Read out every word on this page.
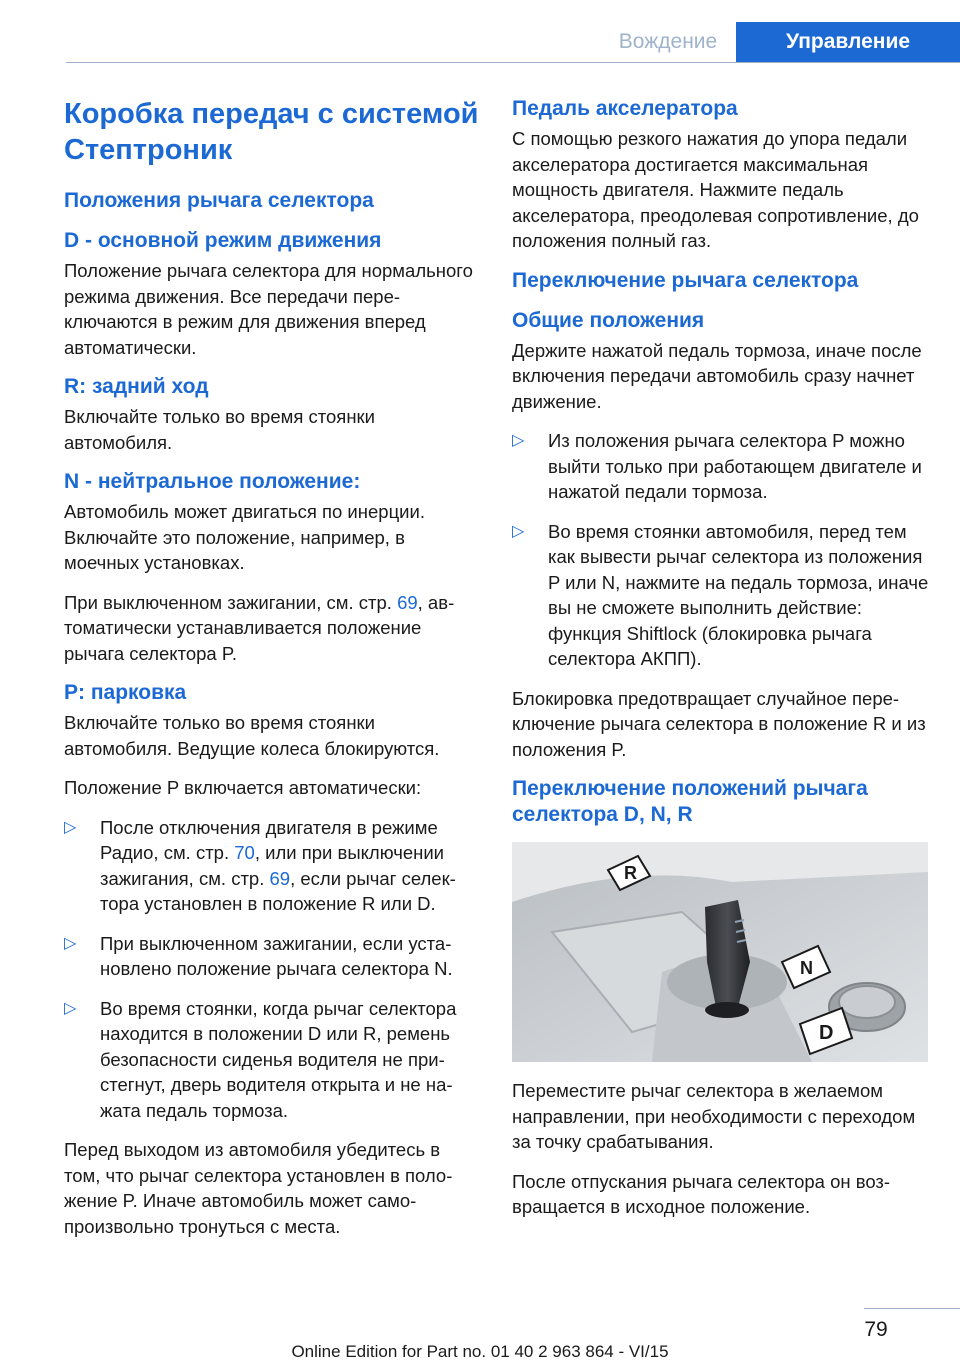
Вождение	Управление
Коробка передач с системой Стептроник
Положения рычага селектора
D - основной режим движения

Положение рычага селектора для нормального режима движения. Все передачи переключаются в режим для движения вперед автоматически.

R: задний ход

Включайте только во время стоянки автомобиля.

N - нейтральное положение:

Автомобиль может двигаться по инерции. Включайте это положение, например, в моечных установках.

При выключенном зажигании, см. стр. 69, автоматически устанавливается положение рычага селектора P.

P: парковка

Включайте только во время стоянки автомобиля. Ведущие колеса блокируются.

Положение P включается автоматически:

▷ После отключения двигателя в режиме Радио, см. стр. 70, или при выключении зажигания, см. стр. 69, если рычаг селектора установлен в положение R или D.
▷ При выключенном зажигании, если установлено положение рычага селектора N.
▷ Во время стоянки, когда рычаг селектора находится в положении D или R, ремень безопасности сиденья водителя не пристегнут, дверь водителя открыта и не нажата педаль тормоза.

Перед выходом из автомобиля убедитесь в том, что рычаг селектора установлен в положение P. Иначе автомобиль может самопроизвольно тронуться с места.

Педаль акселератора

С помощью резкого нажатия до упора педали акселератора достигается максимальная мощность двигателя. Нажмите педаль акселератора, преодолевая сопротивление, до положения полный газ.

Переключение рычага селектора
Общие положения

Держите нажатой педаль тормоза, иначе после включения передачи автомобиль сразу начнет движение.

▷ Из положения рычага селектора P можно выйти только при работающем двигателе и нажатой педали тормоза.
▷ Во время стоянки автомобиля, перед тем как вывести рычаг селектора из положения P или N, нажмите на педаль тормоза, иначе вы не сможете выполнить действие: функция Shiftlock (блокировка рычага селектора АКПП).

Блокировка предотвращает случайное переключение рычага селектора в положение R и из положения P.

Переключение положений рычага селектора D, N, R
R
N
D

Переместите рычаг селектора в желаемом направлении, при необходимости с переходом за точку срабатывания.

После отпускания рычага селектора он возвращается в исходное положение.

79
Online Edition for Part no. 01 40 2 963 864 - VI/15
